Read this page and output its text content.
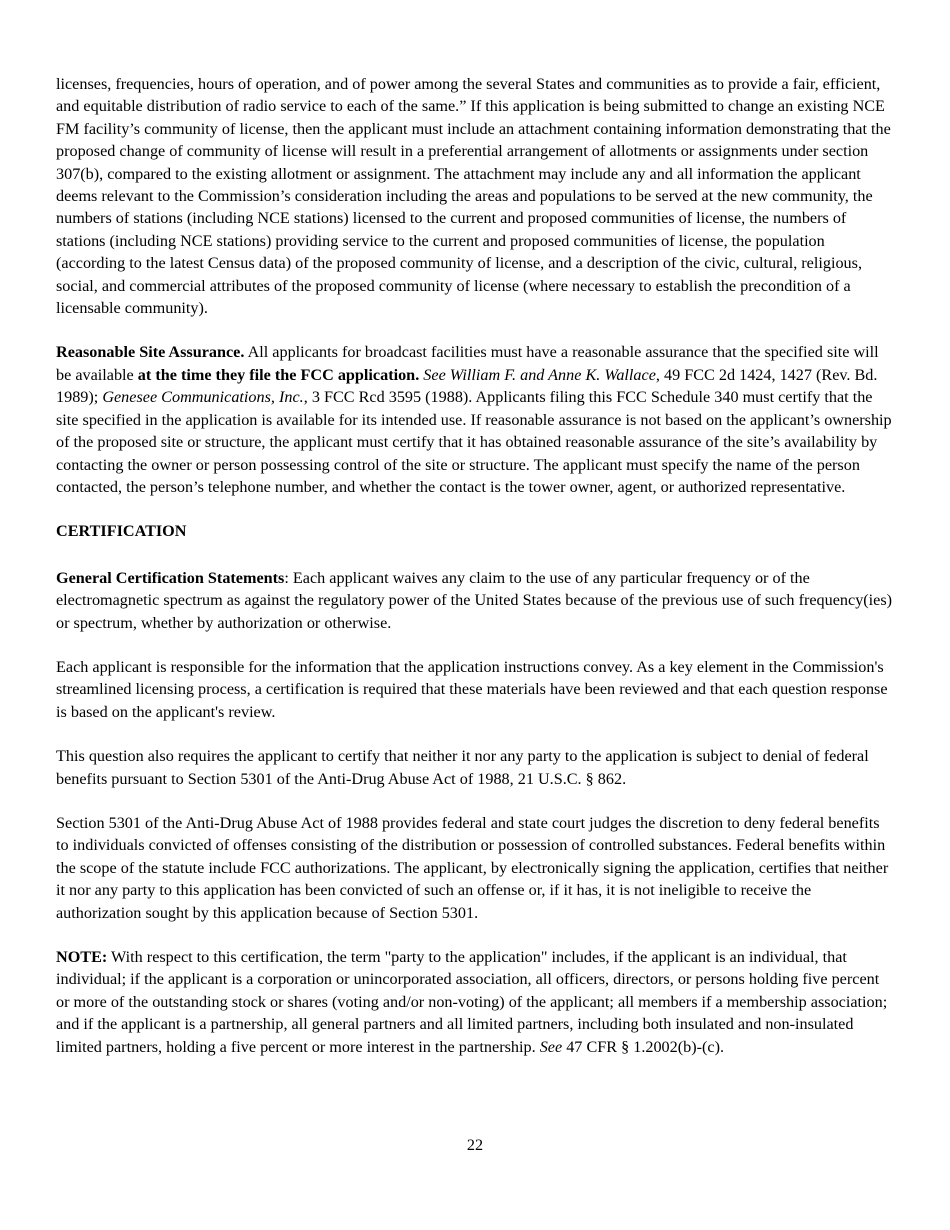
licenses, frequencies, hours of operation, and of power among the several States and communities as to provide a fair, efficient, and equitable distribution of radio service to each of the same.” If this application is being submitted to change an existing NCE FM facility’s community of license, then the applicant must include an attachment containing information demonstrating that the proposed change of community of license will result in a preferential arrangement of allotments or assignments under section 307(b), compared to the existing allotment or assignment. The attachment may include any and all information the applicant deems relevant to the Commission’s consideration including the areas and populations to be served at the new community, the numbers of stations (including NCE stations) licensed to the current and proposed communities of license, the numbers of stations (including NCE stations) providing service to the current and proposed communities of license, the population (according to the latest Census data) of the proposed community of license, and a description of the civic, cultural, religious, social, and commercial attributes of the proposed community of license (where necessary to establish the precondition of a licensable community).

Reasonable Site Assurance. All applicants for broadcast facilities must have a reasonable assurance that the specified site will be available at the time they file the FCC application. See William F. and Anne K. Wallace, 49 FCC 2d 1424, 1427 (Rev. Bd. 1989); Genesee Communications, Inc., 3 FCC Rcd 3595 (1988). Applicants filing this FCC Schedule 340 must certify that the site specified in the application is available for its intended use. If reasonable assurance is not based on the applicant’s ownership of the proposed site or structure, the applicant must certify that it has obtained reasonable assurance of the site’s availability by contacting the owner or person possessing control of the site or structure. The applicant must specify the name of the person contacted, the person’s telephone number, and whether the contact is the tower owner, agent, or authorized representative.

CERTIFICATION

General Certification Statements: Each applicant waives any claim to the use of any particular frequency or of the electromagnetic spectrum as against the regulatory power of the United States because of the previous use of such frequency(ies) or spectrum, whether by authorization or otherwise.

Each applicant is responsible for the information that the application instructions convey. As a key element in the Commission's streamlined licensing process, a certification is required that these materials have been reviewed and that each question response is based on the applicant's review.

This question also requires the applicant to certify that neither it nor any party to the application is subject to denial of federal benefits pursuant to Section 5301 of the Anti-Drug Abuse Act of 1988, 21 U.S.C. § 862.

Section 5301 of the Anti-Drug Abuse Act of 1988 provides federal and state court judges the discretion to deny federal benefits to individuals convicted of offenses consisting of the distribution or possession of controlled substances. Federal benefits within the scope of the statute include FCC authorizations. The applicant, by electronically signing the application, certifies that neither it nor any party to this application has been convicted of such an offense or, if it has, it is not ineligible to receive the authorization sought by this application because of Section 5301.

NOTE: With respect to this certification, the term "party to the application" includes, if the applicant is an individual, that individual; if the applicant is a corporation or unincorporated association, all officers, directors, or persons holding five percent or more of the outstanding stock or shares (voting and/or non-voting) of the applicant; all members if a membership association; and if the applicant is a partnership, all general partners and all limited partners, including both insulated and non-insulated limited partners, holding a five percent or more interest in the partnership. See 47 CFR § 1.2002(b)-(c).

22
